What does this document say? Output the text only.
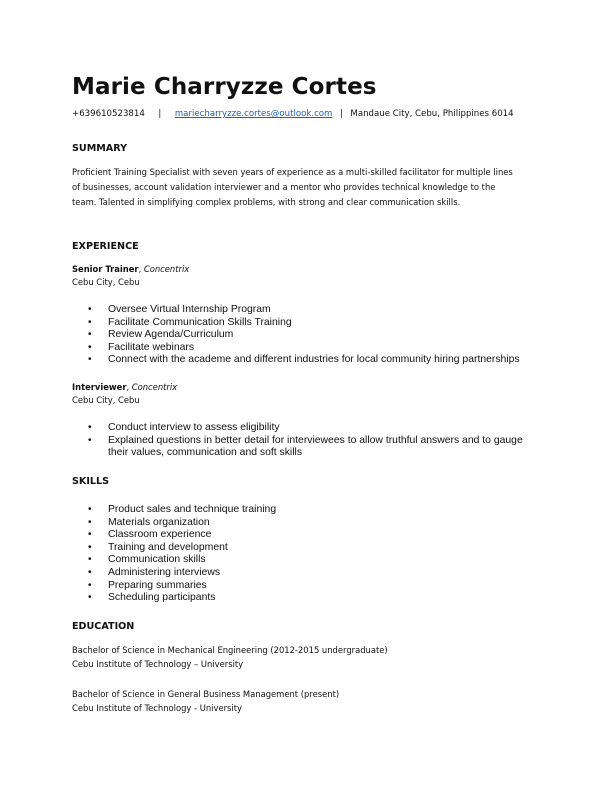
Marie Charryzze Cortes
+639610523814 | mariecharryzze.cortes@outlook.com | Mandaue City, Cebu, Philippines 6014
SUMMARY
Proficient Training Specialist with seven years of experience as a multi-skilled facilitator for multiple lines
of businesses, account validation interviewer and a mentor who provides technical knowledge to the
team. Talented in simplifying complex problems, with strong and clear communication skills.
EXPERIENCE
Senior Trainer, Concentrix
Cebu City, Cebu
• Oversee Virtual Internship Program
• Facilitate Communication Skills Training
• Review Agenda/Curriculum
• Facilitate webinars
• Connect with the academe and different industries for local community hiring partnerships
Interviewer, Concentrix
Cebu City, Cebu
• Conduct interview to assess eligibility
• Explained questions in better detail for interviewees to allow truthful answers and to gauge their values, communication and soft skills
SKILLS
• Product sales and technique training
• Materials organization
• Classroom experience
• Training and development
• Communication skills
• Administering interviews
• Preparing summaries
• Scheduling participants
EDUCATION
Bachelor of Science in Mechanical Engineering (2012-2015 undergraduate)
Cebu Institute of Technology – University
Bachelor of Science in General Business Management (present)
Cebu Institute of Technology - University
